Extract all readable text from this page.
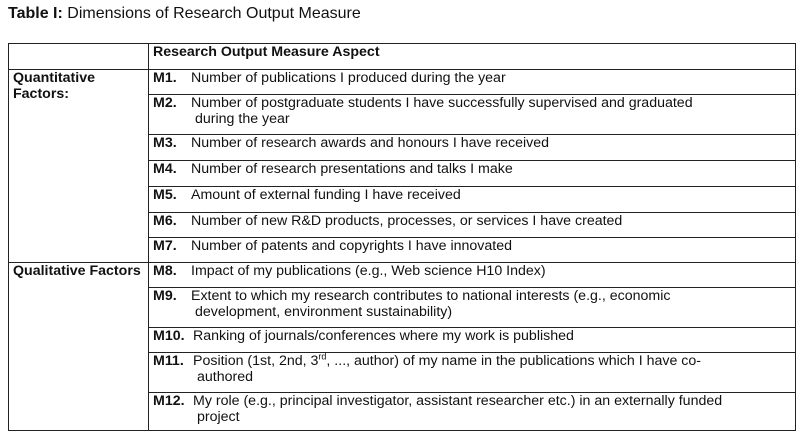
Table I: Dimensions of Research Output Measure
	Research Output Measure Aspect
Quantitative Factors:	M1. Number of publications I produced during the year

	M2. Number of postgraduate students I have successfully supervised and graduated
during the year

	M3. Number of research awards and honours I have received

	M4. Number of research presentations and talks I make

	M5. Amount of external funding I have received

	M6. Number of new R&D products, processes, or services I have created

	M7. Number of patents and copyrights I have innovated

Qualitative Factors	M8. Impact of my publications (e.g., Web science H10 Index)

	M9. Extent to which my research contributes to national interests (e.g., economic
development, environment sustainability)

	M10. Ranking of journals/conferences where my work is published

	M11. Position (1st, 2nd, 3rd, ..., author) of my name in the publications which I have co-
authored

	M12. My role (e.g., principal investigator, assistant researcher etc.) in an externally funded
project
